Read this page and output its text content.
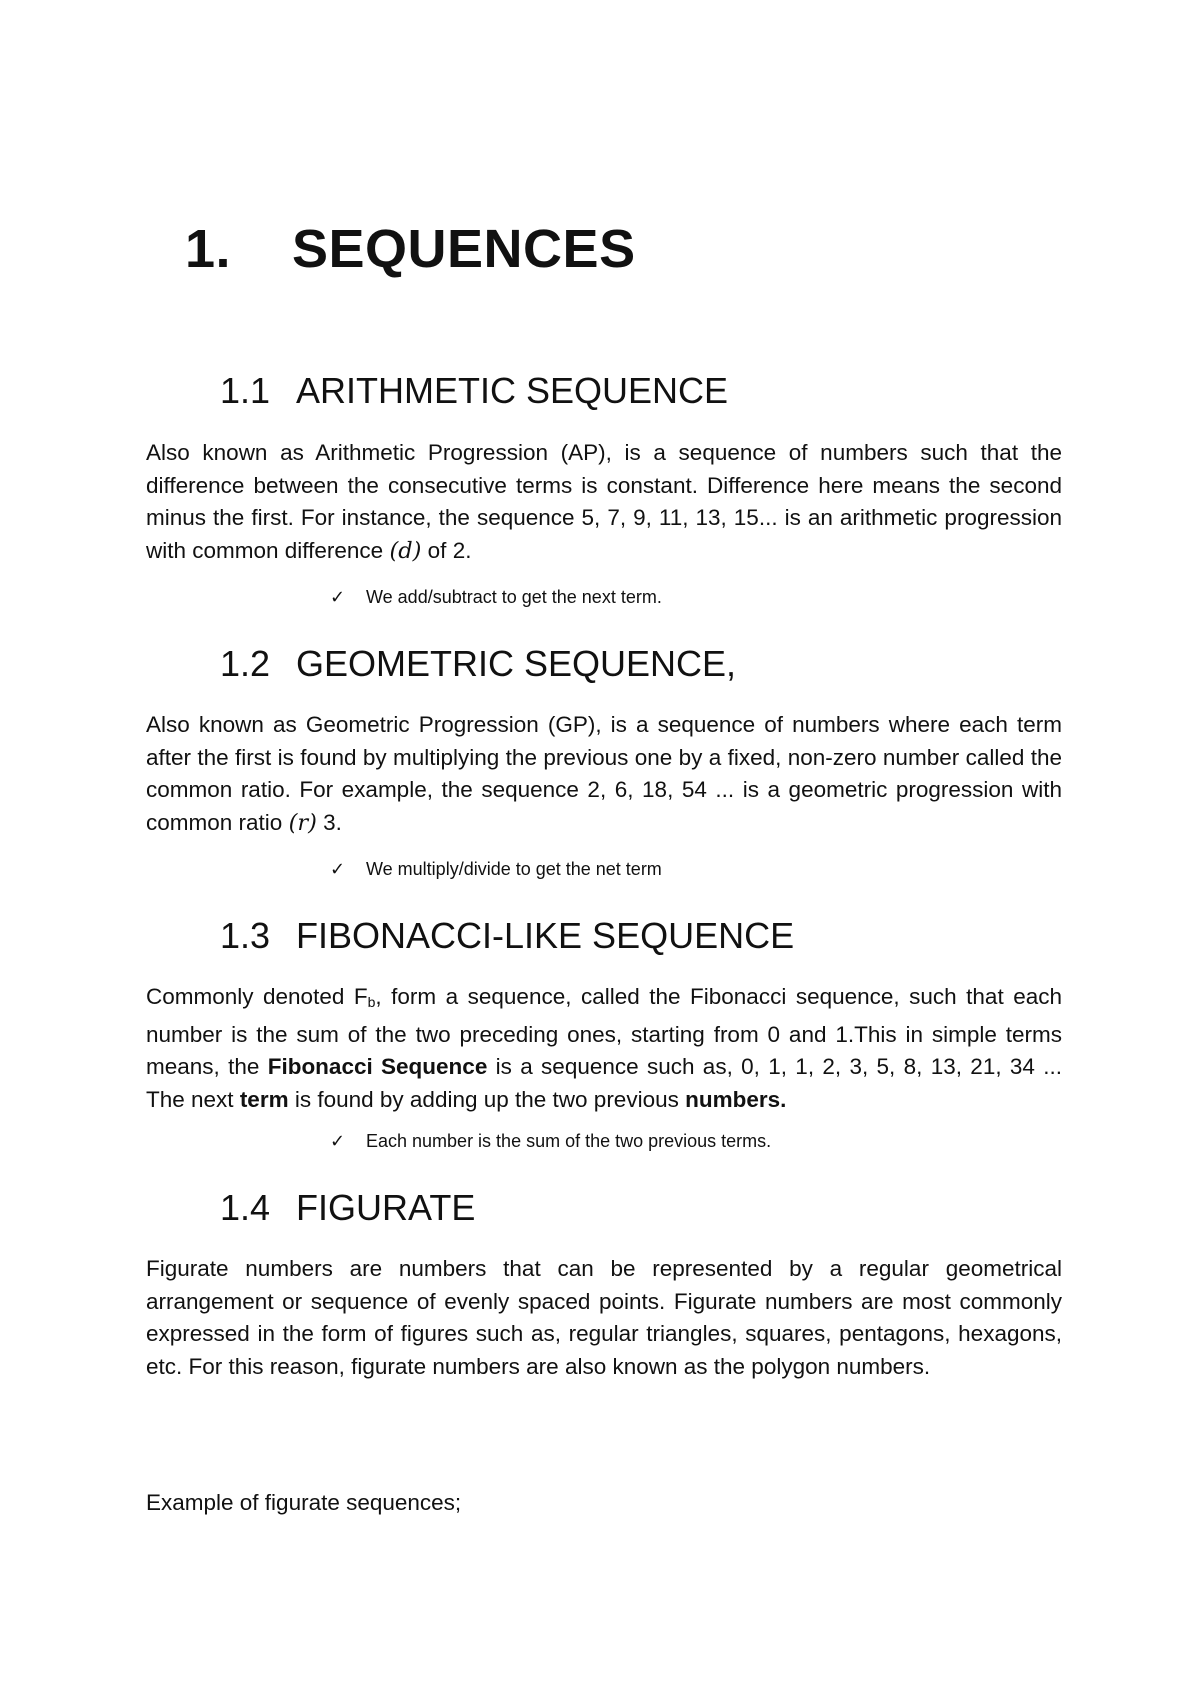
1. SEQUENCES
1.1 ARITHMETIC SEQUENCE

Also known as Arithmetic Progression (AP), is a sequence of numbers such that the difference between the consecutive terms is constant. Difference here means the second minus the first. For instance, the sequence 5, 7, 9, 11, 13, 15... is an arithmetic progression with common difference (d) of 2.

✓ We add/subtract to get the next term.

1.2 GEOMETRIC SEQUENCE,

Also known as Geometric Progression (GP), is a sequence of numbers where each term after the first is found by multiplying the previous one by a fixed, non-zero number called the common ratio. For example, the sequence 2, 6, 18, 54 ... is a geometric progression with common ratio (r) 3.

✓ We multiply/divide to get the net term

1.3 FIBONACCI-LIKE SEQUENCE

Commonly denoted $F_b$, form a sequence, called the Fibonacci sequence, such that each number is the sum of the two preceding ones, starting from 0 and 1.This in simple terms means, the Fibonacci Sequence is a sequence such as, 0, 1, 1, 2, 3, 5, 8, 13, 21, 34 ... The next term is found by adding up the two previous numbers.

✓ Each number is the sum of the two previous terms.

1.4 FIGURATE

Figurate numbers are numbers that can be represented by a regular geometrical arrangement or sequence of evenly spaced points. Figurate numbers are most commonly expressed in the form of figures such as, regular triangles, squares, pentagons, hexagons, etc. For this reason, figurate numbers are also known as the polygon numbers.

Example of figurate sequences;
